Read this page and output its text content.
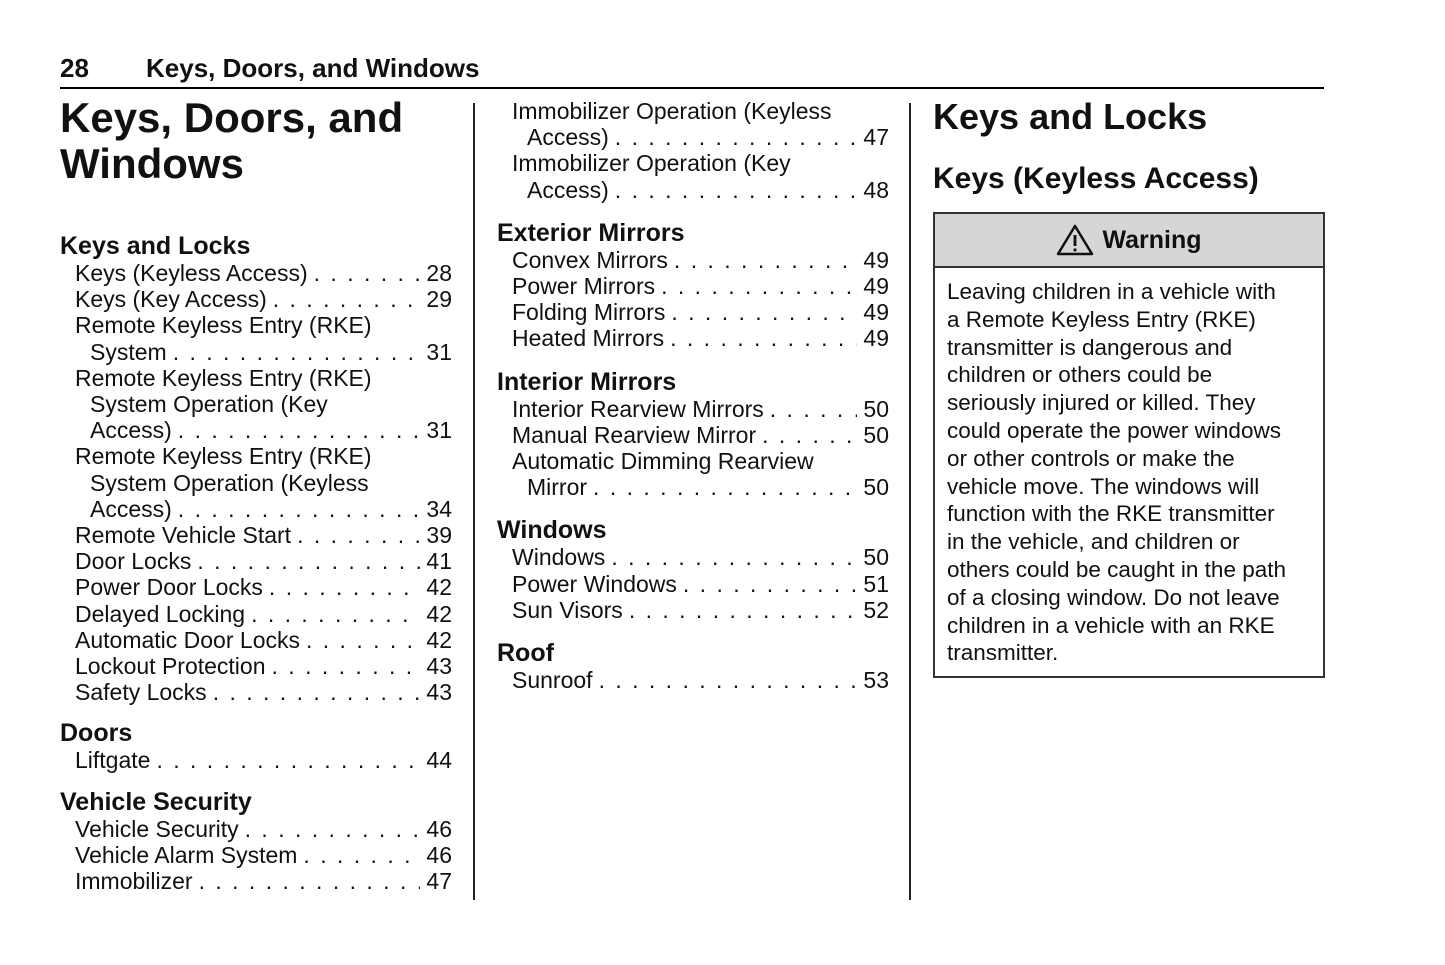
28 Keys, Doors, and Windows
Keys, Doors, and
Windows
Keys and Locks
Keys (Keyless Access) . . .	28
Keys (Key Access) . . .	29
Remote Keyless Entry (RKE)
System . . .	31
Remote Keyless Entry (RKE)
System Operation (Key
Access) . . .	31
Remote Keyless Entry (RKE)
System Operation (Keyless
Access) . . .	34
Remote Vehicle Start . . .	39
Door Locks . . .	41
Power Door Locks . . .	42
Delayed Locking . . .	42
Automatic Door Locks . . .	42
Lockout Protection . . .	43
Safety Locks . . .	43
Doors
Liftgate . . .	44
Vehicle Security
Vehicle Security . . .	46
Vehicle Alarm System . . .	46
Immobilizer . . .	47
Immobilizer Operation (Keyless
Access) . . .	47
Immobilizer Operation (Key
Access) . . .	48
Exterior Mirrors
Convex Mirrors . . .	49
Power Mirrors . . .	49
Folding Mirrors . . .	49
Heated Mirrors . . .	49
Interior Mirrors
Interior Rearview Mirrors . . .	50
Manual Rearview Mirror . . .	50
Automatic Dimming Rearview
Mirror . . .	50
Windows
Windows . . .	50
Power Windows . . .	51
Sun Visors . . .	52
Roof
Sunroof . . .	53
Keys and Locks
Keys (Keyless Access)
Warning
Leaving children in a vehicle with
a Remote Keyless Entry (RKE)
transmitter is dangerous and
children or others could be
seriously injured or killed. They
could operate the power windows
or other controls or make the
vehicle move. The windows will
function with the RKE transmitter
in the vehicle, and children or
others could be caught in the path
of a closing window. Do not leave
children in a vehicle with an RKE
transmitter.
